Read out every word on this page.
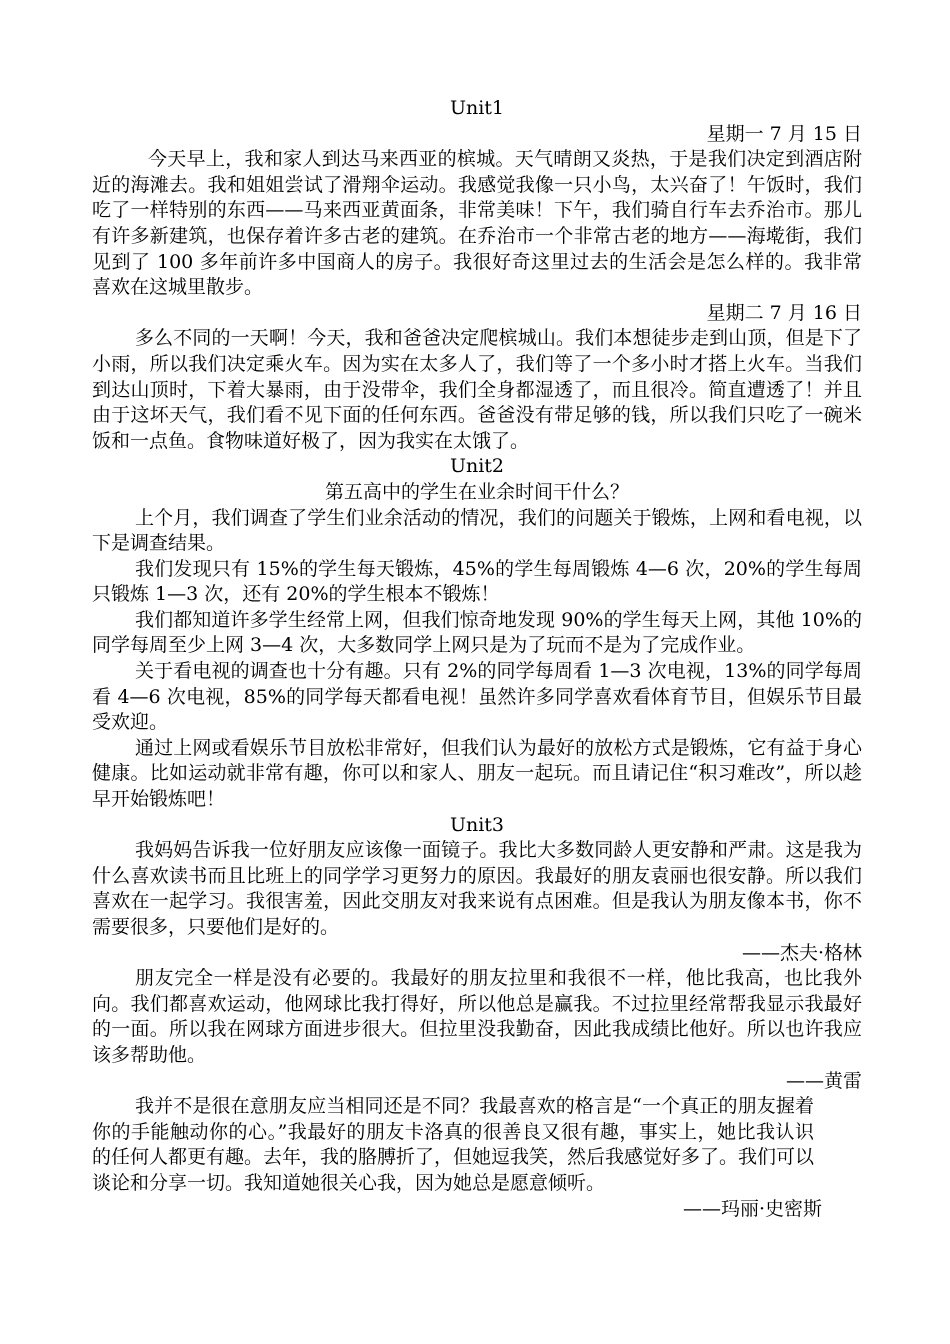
Unit1

星期一 7 月 15 日

今天早上，我和家人到达马来西亚的槟城。天气晴朗又炎热，于是我们决定到酒店附近的海滩去。我和姐姐尝试了滑翔伞运动。我感觉我像一只小鸟，太兴奋了！午饭时，我们吃了一样特别的东西——马来西亚黄面条，非常美味！下午，我们骑自行车去乔治市。那儿有许多新建筑，也保存着许多古老的建筑。在乔治市一个非常古老的地方——海墘街，我们见到了 100 多年前许多中国商人的房子。我很好奇这里过去的生活会是怎么样的。我非常喜欢在这城里散步。

星期二 7 月 16 日

多么不同的一天啊！今天，我和爸爸决定爬槟城山。我们本想徒步走到山顶，但是下了小雨，所以我们决定乘火车。因为实在太多人了，我们等了一个多小时才搭上火车。当我们到达山顶时，下着大暴雨，由于没带伞，我们全身都湿透了，而且很冷。简直遭透了！并且由于这坏天气，我们看不见下面的任何东西。爸爸没有带足够的钱，所以我们只吃了一碗米饭和一点鱼。食物味道好极了，因为我实在太饿了。

Unit2

第五高中的学生在业余时间干什么？

上个月，我们调查了学生们业余活动的情况，我们的问题关于锻炼，上网和看电视，以下是调查结果。

我们发现只有 15%的学生每天锻炼，45%的学生每周锻炼 4—6 次，20%的学生每周只锻炼 1—3 次，还有 20%的学生根本不锻炼！

我们都知道许多学生经常上网，但我们惊奇地发现 90%的学生每天上网，其他 10%的同学每周至少上网 3—4 次，大多数同学上网只是为了玩而不是为了完成作业。

关于看电视的调查也十分有趣。只有 2%的同学每周看 1—3 次电视，13%的同学每周看 4—6 次电视，85%的同学每天都看电视！虽然许多同学喜欢看体育节目，但娱乐节目最受欢迎。

通过上网或看娱乐节目放松非常好，但我们认为最好的放松方式是锻炼，它有益于身心健康。比如运动就非常有趣，你可以和家人、朋友一起玩。而且请记住“积习难改”，所以趁早开始锻炼吧！

Unit3

我妈妈告诉我一位好朋友应该像一面镜子。我比大多数同龄人更安静和严肃。这是我为什么喜欢读书而且比班上的同学学习更努力的原因。我最好的朋友袁丽也很安静。所以我们喜欢在一起学习。我很害羞，因此交朋友对我来说有点困难。但是我认为朋友像本书，你不需要很多，只要他们是好的。

——杰夫·格林

朋友完全一样是没有必要的。我最好的朋友拉里和我很不一样，他比我高，也比我外向。我们都喜欢运动，他网球比我打得好，所以他总是赢我。不过拉里经常帮我显示我最好的一面。所以我在网球方面进步很大。但拉里没我勤奋，因此我成绩比他好。所以也许我应该多帮助他。

——黄雷

我并不是很在意朋友应当相同还是不同？我最喜欢的格言是“一个真正的朋友握着你的手能触动你的心。”我最好的朋友卡洛真的很善良又很有趣，事实上，她比我认识的任何人都更有趣。去年，我的胳膊折了，但她逗我笑，然后我感觉好多了。我们可以谈论和分享一切。我知道她很关心我，因为她总是愿意倾听。

——玛丽·史密斯
